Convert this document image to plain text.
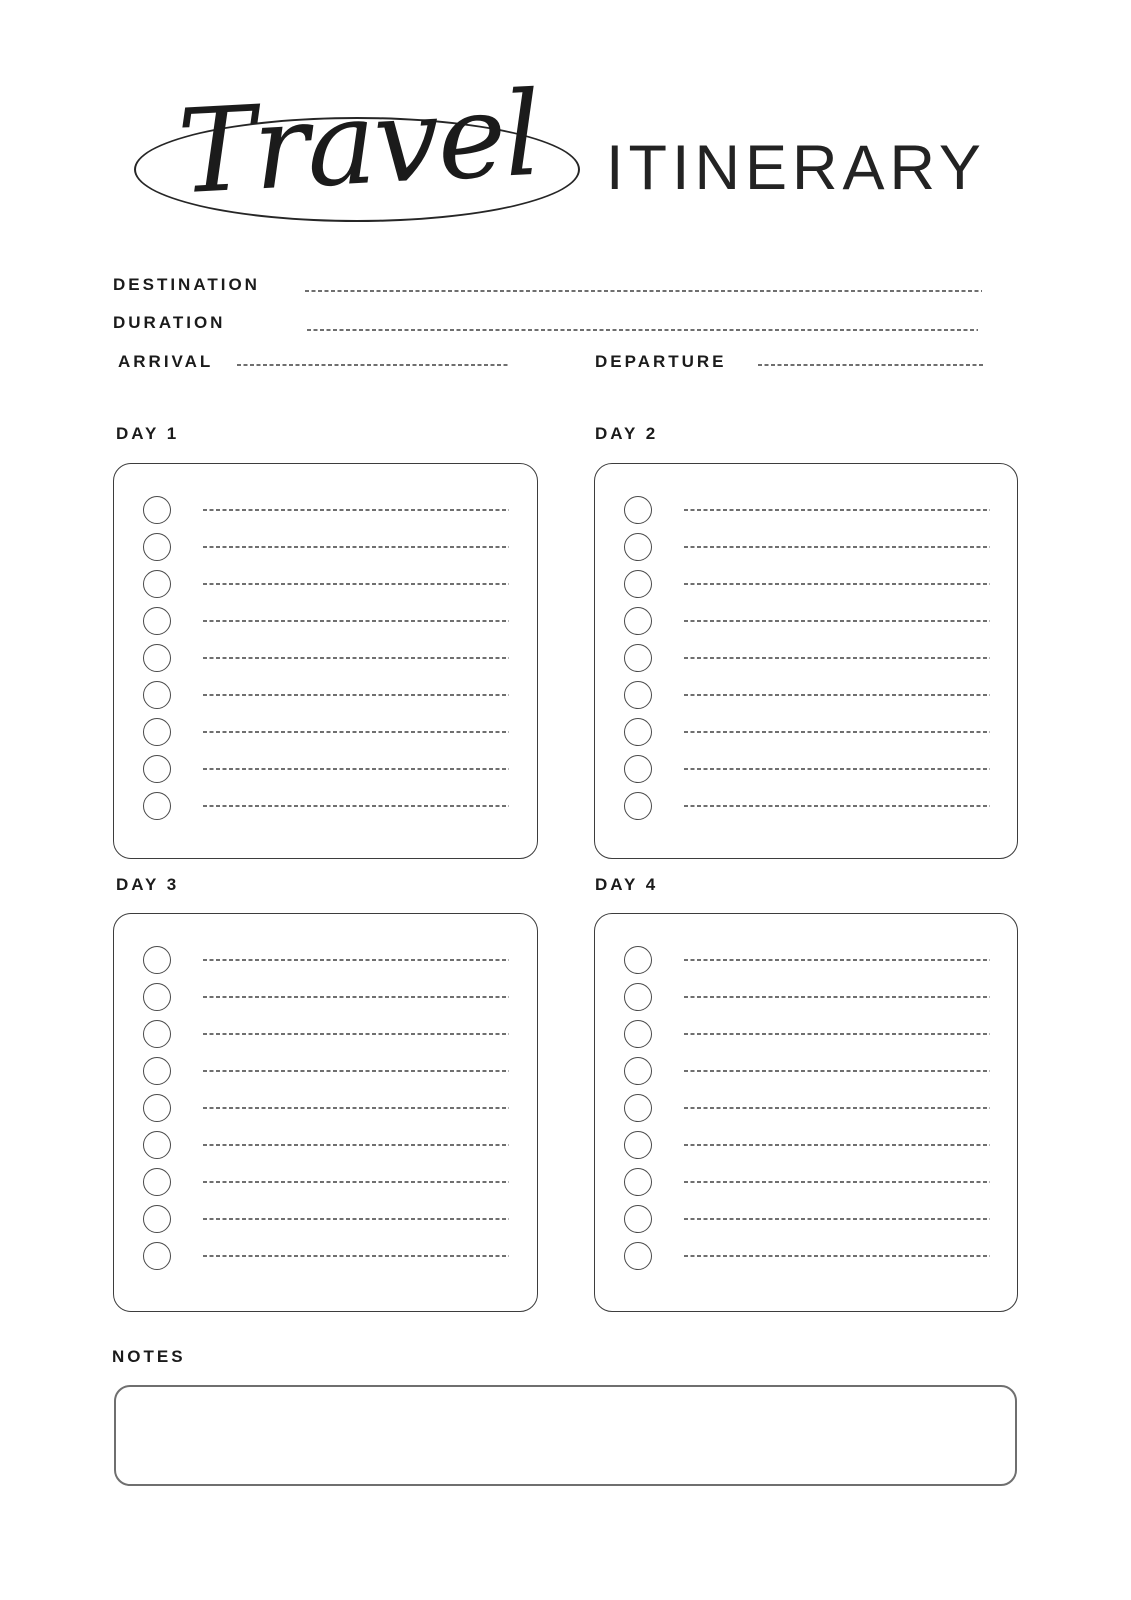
Travel ITINERARY
DESTINATION
DURATION
ARRIVAL	DEPARTURE
DAY 1	DAY 2
DAY 3	DAY 4
NOTES
